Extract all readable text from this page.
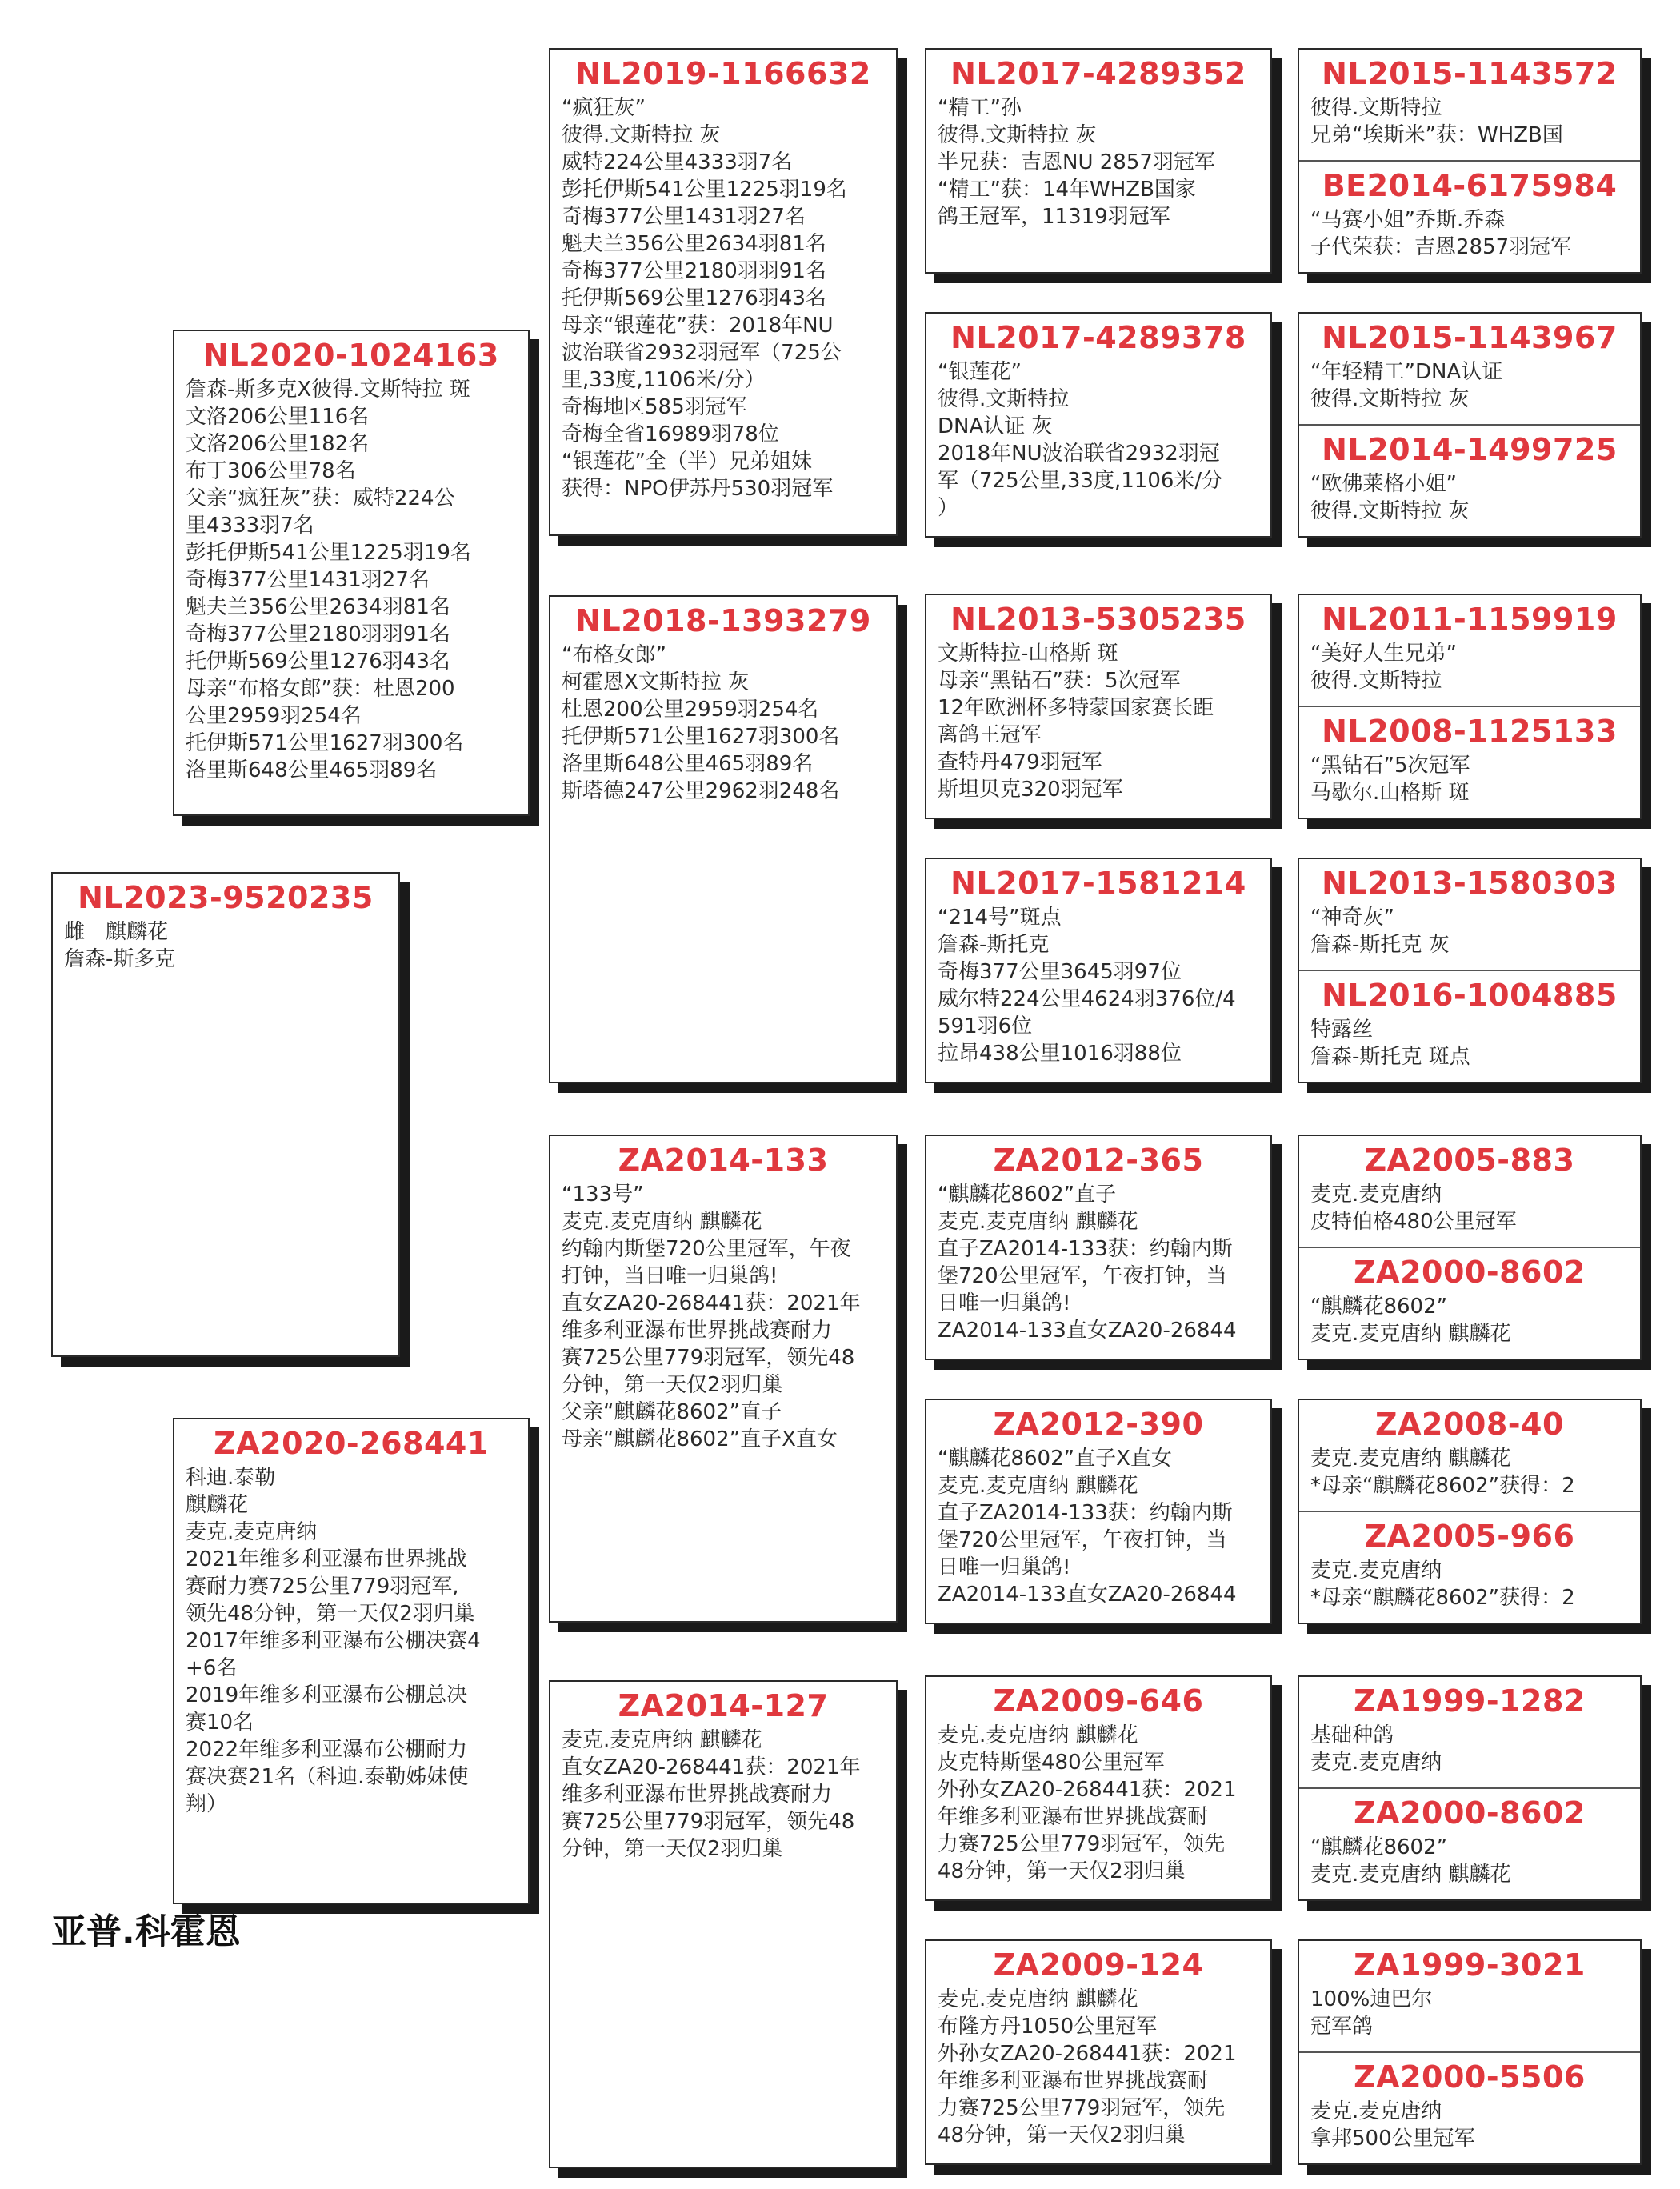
NL2023-9520235
雌　麒麟花
詹森-斯多克
NL2020-1024163
詹森-斯多克X彼得.文斯特拉 斑
文洛206公里116名
文洛206公里182名
布丁306公里78名
父亲“疯狂灰”获：威特224公
里4333羽7名
彭托伊斯541公里1225羽19名
奇梅377公里1431羽27名
魁夫兰356公里2634羽81名
奇梅377公里2180羽羽91名
托伊斯569公里1276羽43名
母亲“布格女郎”获：杜恩200
公里2959羽254名
托伊斯571公里1627羽300名
洛里斯648公里465羽89名
ZA2020-268441
科迪.泰勒
麒麟花
麦克.麦克唐纳
2021年维多利亚瀑布世界挑战
赛耐力赛725公里779羽冠军,
领先48分钟，第一天仅2羽归巢
2017年维多利亚瀑布公棚决赛4
+6名
2019年维多利亚瀑布公棚总决
赛10名
2022年维多利亚瀑布公棚耐力
赛决赛21名（科迪.泰勒姊妹使
翔）
NL2019-1166632
“疯狂灰”
彼得.文斯特拉 灰
威特224公里4333羽7名
彭托伊斯541公里1225羽19名
奇梅377公里1431羽27名
魁夫兰356公里2634羽81名
奇梅377公里2180羽羽91名
托伊斯569公里1276羽43名
母亲“银莲花”获：2018年NU
波治联省2932羽冠军（725公
里,33度,1106米/分）
奇梅地区585羽冠军
奇梅全省16989羽78位
“银莲花”全（半）兄弟姐妹
获得：NPO伊苏丹530羽冠军
NL2018-1393279
“布格女郎”
柯霍恩X文斯特拉 灰
杜恩200公里2959羽254名
托伊斯571公里1627羽300名
洛里斯648公里465羽89名
斯塔德247公里2962羽248名
ZA2014-133
“133号”
麦克.麦克唐纳 麒麟花
约翰内斯堡720公里冠军，午夜
打钟，当日唯一归巢鸽!
直女ZA20-268441获：2021年
维多利亚瀑布世界挑战赛耐力
赛725公里779羽冠军，领先48
分钟，第一天仅2羽归巢
父亲“麒麟花8602”直子
母亲“麒麟花8602”直子X直女
ZA2014-127
麦克.麦克唐纳 麒麟花
直女ZA20-268441获：2021年
维多利亚瀑布世界挑战赛耐力
赛725公里779羽冠军，领先48
分钟，第一天仅2羽归巢
NL2017-4289352
“精工”孙
彼得.文斯特拉 灰
半兄获：吉恩NU 2857羽冠军
“精工”获：14年WHZB国家
鸽王冠军，11319羽冠军
NL2017-4289378
“银莲花”
彼得.文斯特拉
DNA认证 灰
2018年NU波治联省2932羽冠
军（725公里,33度,1106米/分
）
NL2013-5305235
文斯特拉-山格斯 斑
母亲“黑钻石”获：5次冠军
12年欧洲杯多特蒙国家赛长距
离鸽王冠军
查特丹479羽冠军
斯坦贝克320羽冠军
NL2017-1581214
“214号”斑点
詹森-斯托克
奇梅377公里3645羽97位
威尔特224公里4624羽376位/4
591羽6位
拉昂438公里1016羽88位
ZA2012-365
“麒麟花8602”直子
麦克.麦克唐纳 麒麟花
直子ZA2014-133获：约翰内斯
堡720公里冠军，午夜打钟，当
日唯一归巢鸽!
ZA2014-133直女ZA20-26844
ZA2012-390
“麒麟花8602”直子X直女
麦克.麦克唐纳 麒麟花
直子ZA2014-133获：约翰内斯
堡720公里冠军，午夜打钟，当
日唯一归巢鸽!
ZA2014-133直女ZA20-26844
ZA2009-646
麦克.麦克唐纳 麒麟花
皮克特斯堡480公里冠军
外孙女ZA20-268441获：2021
年维多利亚瀑布世界挑战赛耐
力赛725公里779羽冠军，领先
48分钟，第一天仅2羽归巢
ZA2009-124
麦克.麦克唐纳 麒麟花
布隆方丹1050公里冠军
外孙女ZA20-268441获：2021
年维多利亚瀑布世界挑战赛耐
力赛725公里779羽冠军，领先
48分钟，第一天仅2羽归巢
NL2015-1143572
彼得.文斯特拉
兄弟“埃斯米”获：WHZB国
BE2014-6175984
“马赛小姐”乔斯.乔森
子代荣获：吉恩2857羽冠军
NL2015-1143967
“年轻精工”DNA认证
彼得.文斯特拉 灰
NL2014-1499725
“欧佛莱格小姐”
彼得.文斯特拉 灰
NL2011-1159919
“美好人生兄弟”
彼得.文斯特拉
NL2008-1125133
“黑钻石”5次冠军
马歇尔.山格斯 斑
NL2013-1580303
“神奇灰”
詹森-斯托克 灰
NL2016-1004885
特露丝
詹森-斯托克 斑点
ZA2005-883
麦克.麦克唐纳
皮特伯格480公里冠军
ZA2000-8602
“麒麟花8602”
麦克.麦克唐纳 麒麟花
ZA2008-40
麦克.麦克唐纳 麒麟花
*母亲“麒麟花8602”获得：2
ZA2005-966
麦克.麦克唐纳
*母亲“麒麟花8602”获得：2
ZA1999-1282
基础种鸽
麦克.麦克唐纳
ZA2000-8602
“麒麟花8602”
麦克.麦克唐纳 麒麟花
ZA1999-3021
100%迪巴尔
冠军鸽
ZA2000-5506
麦克.麦克唐纳
拿邦500公里冠军
亚普.科霍恩
